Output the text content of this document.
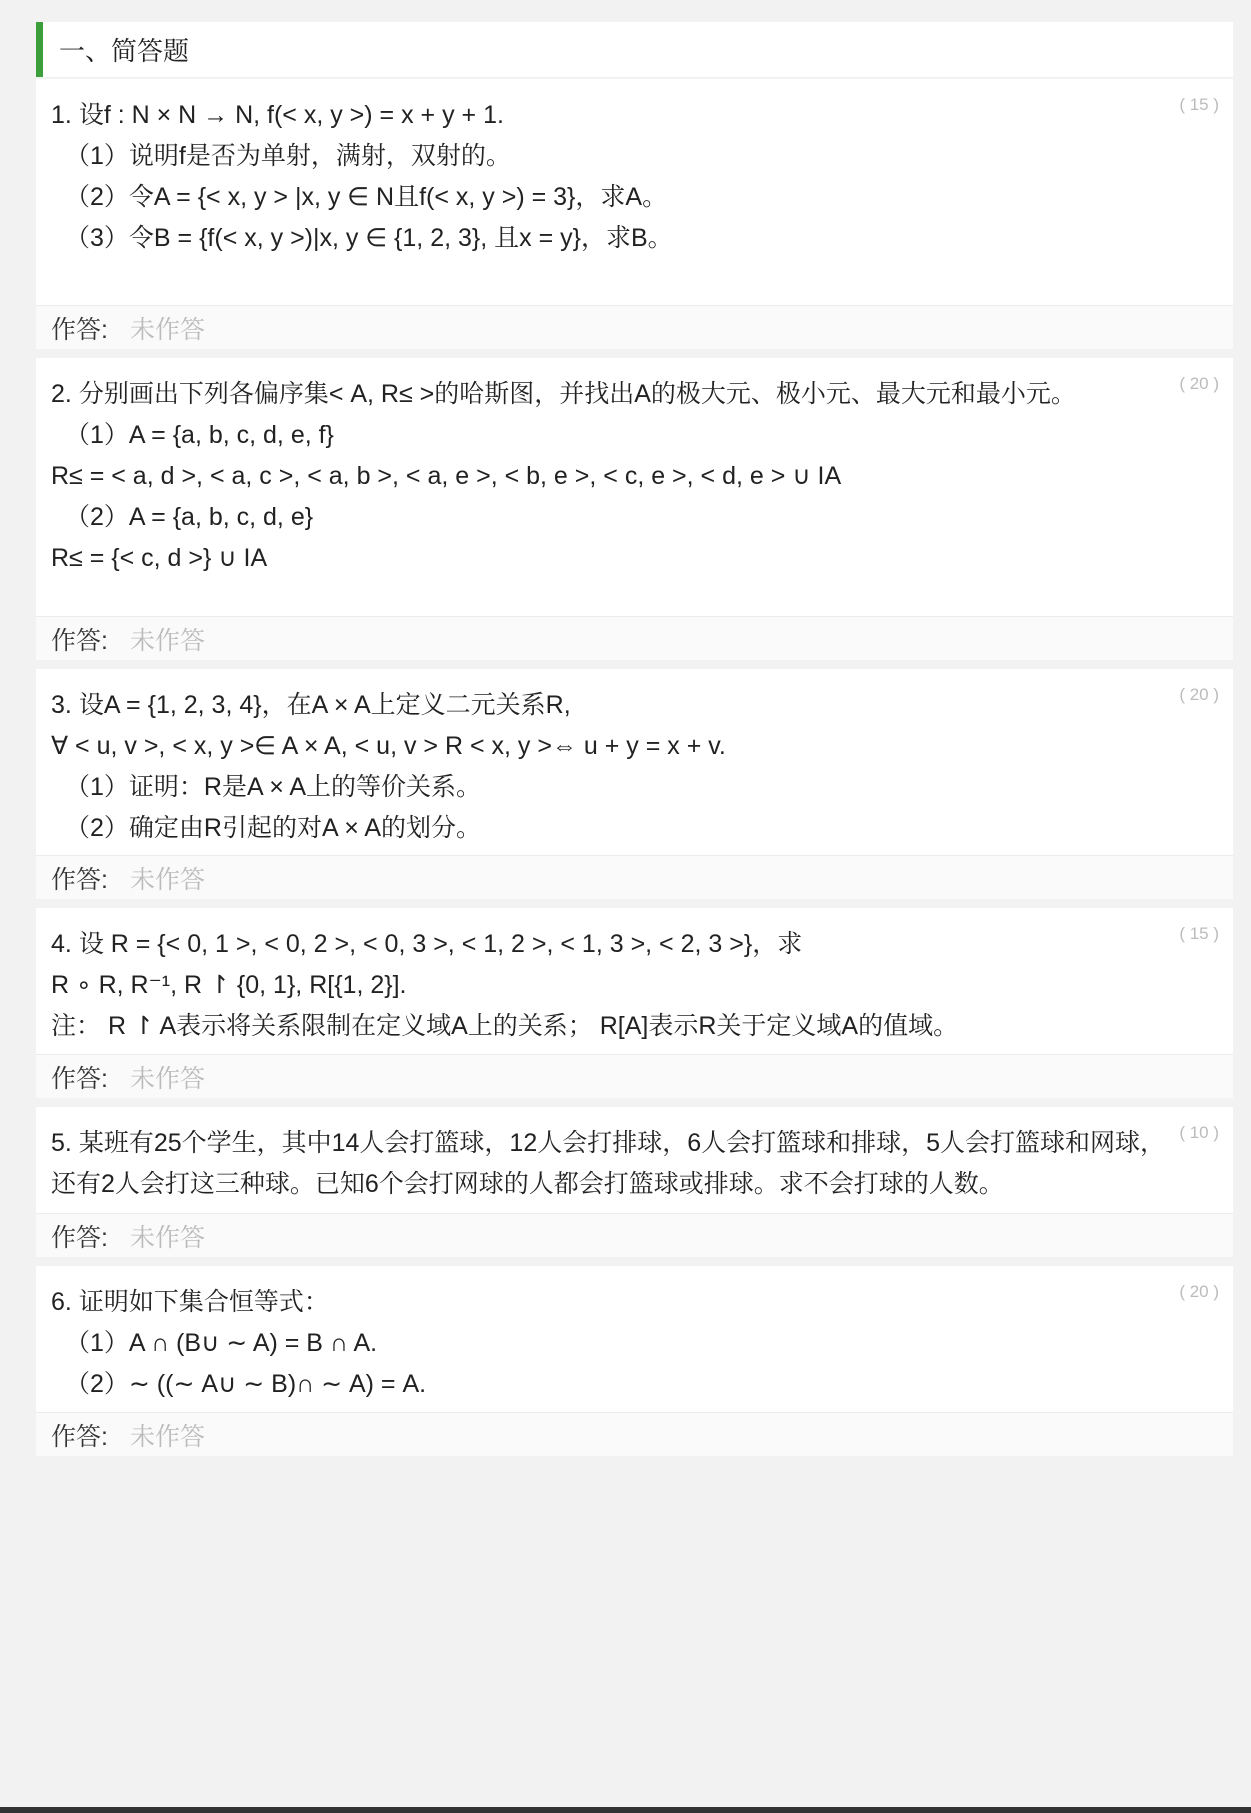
一、简答题
( 15 )
1. 设f : N × N → N, f(< x, y >) = x + y + 1.
（1）说明f是否为单射，满射，双射的。
（2）令A = {< x, y > |x, y ∈ N且f(< x, y >) = 3}，求A。
（3）令B = {f(< x, y >)|x, y ∈ {1, 2, 3}, 且x = y}，求B。
作答: 未作答
( 20 )
2. 分别画出下列各偏序集< A, R≤ >的哈斯图，并找出A的极大元、极小元、最大元和最小元。
（1）A = {a, b, c, d, e, f}
R≤ = < a, d >, < a, c >, < a, b >, < a, e >, < b, e >, < c, e >, < d, e > ∪ IA
（2）A = {a, b, c, d, e}
R≤ = {< c, d >} ∪ IA
作答: 未作答
( 20 )
3. 设A = {1, 2, 3, 4}，在A × A上定义二元关系R,
∀ < u, v >, < x, y >∈ A × A, < u, v > R < x, y >⇔ u + y = x + v.
（1）证明：R是A × A上的等价关系。
（2）确定由R引起的对A × A的划分。
作答: 未作答
( 15 )
4. 设 R = {< 0, 1 >, < 0, 2 >, < 0, 3 >, < 1, 2 >, < 1, 3 >, < 2, 3 >}，求
R ∘ R, R⁻¹, R ↾ {0, 1}, R[{1, 2}].
注： R ↾ A表示将关系限制在定义域A上的关系； R[A]表示R关于定义域A的值域。
作答: 未作答
( 10 )
5. 某班有25个学生，其中14人会打篮球，12人会打排球，6人会打篮球和排球，5人会打篮球和网球，还有2人会打这三种球。已知6个会打网球的人都会打篮球或排球。求不会打球的人数。
作答: 未作答
( 20 )
6. 证明如下集合恒等式：
（1）A ∩ (B∪ ∼ A) = B ∩ A.
（2）∼ ((∼ A∪ ∼ B)∩ ∼ A) = A.
作答: 未作答
